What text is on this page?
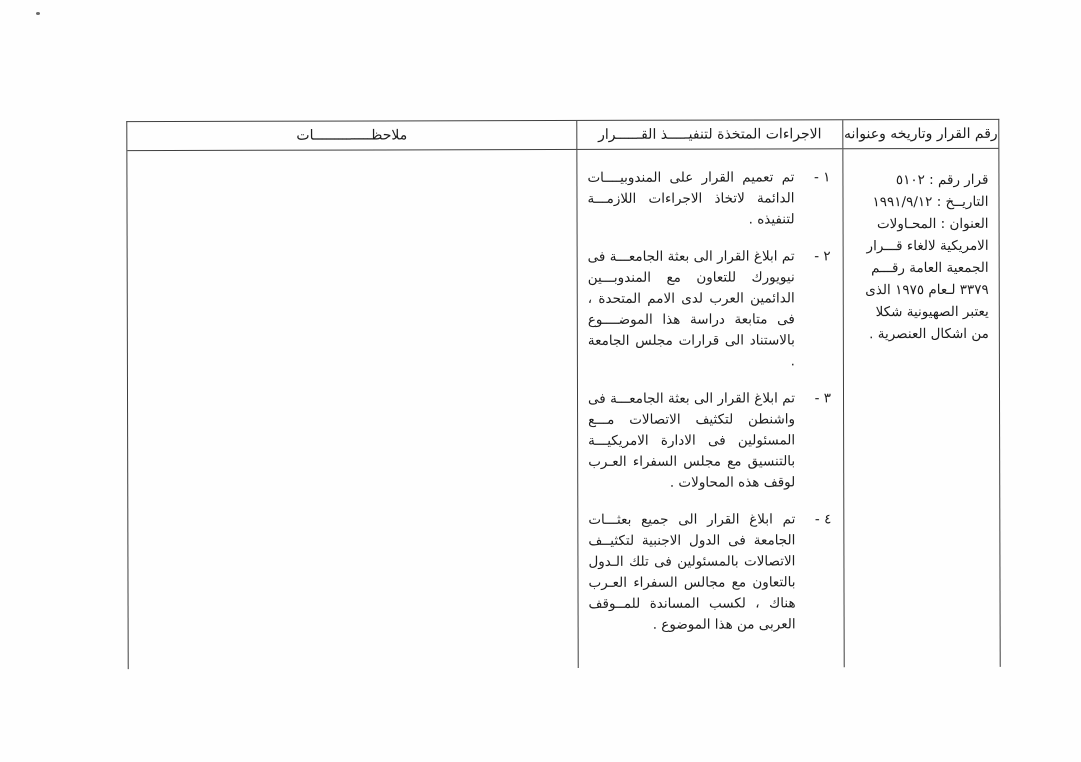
رقم القرار وتاريخه وعنوانه
الاجراءات المتخذة لتنفيـــــذ القــــــرار
ملاحظــــــــــــــات
قرار رقم : ٥١٠٢
التاريــخ : ١٩٩١/٩/١٢
العنوان : المحـاولات
الامريكية لالغاء قـــرار
الجمعية العامة رقـــم
٣٣٧٩ لـعام ١٩٧٥ الذى
يعتبر الصهيونية شكلا
من اشكال العنصرية .
١ -
تم تعميم القرار على المندوبيــــات الدائمة لاتخاذ الاجراءات اللازمـــة لتنفيذه .
٢ -
تم ابلاغ القرار الى بعثة الجامعـــة فى نيويورك للتعاون مع المندوبـــين الدائمين العرب لدى الامم المتحدة ، فى متابعة دراسة هذا الموضــــوع بالاستناد الى قرارات مجلس الجامعة .
٣ -
تم ابلاغ القرار الى بعثة الجامعـــة فى واشنطن لتكثيف الاتصالات مـــع المسئولين فى الادارة الامريكيـــة بالتنسيق مع مجلس السفراء العـرب لوقف هذه المحاولات .
٤ -
تم ابلاغ القرار الى جميع بعثـــات الجامعة فى الدول الاجنبية لتكثيــف الاتصالات بالمسئولين فى تلك الـدول بالتعاون مع مجالس السفراء العـرب هناك ، لكسب المساندة للمــوقف العربى من هذا الموضوع .
